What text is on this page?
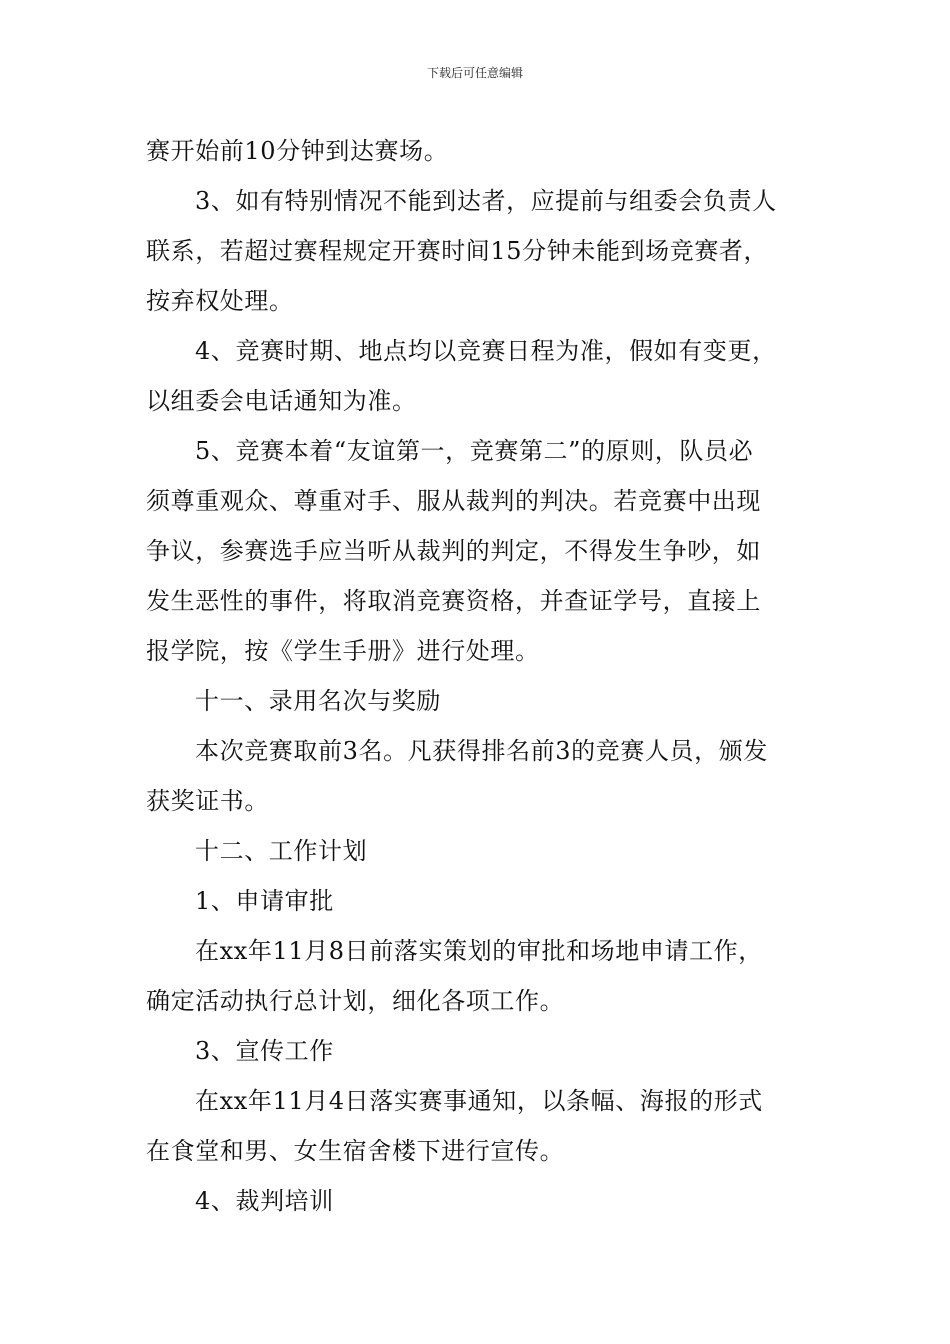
下载后可任意编辑
赛开始前10分钟到达赛场。
3、如有特别情况不能到达者，应提前与组委会负责人
联系，若超过赛程规定开赛时间15分钟未能到场竞赛者，
按弃权处理。
4、竞赛时期、地点均以竞赛日程为准，假如有变更，
以组委会电话通知为准。
5、竞赛本着“友谊第一，竞赛第二”的原则，队员必
须尊重观众、尊重对手、服从裁判的判决。若竞赛中出现
争议，参赛选手应当听从裁判的判定，不得发生争吵，如
发生恶性的事件，将取消竞赛资格，并查证学号，直接上
报学院，按《学生手册》进行处理。
十一、录用名次与奖励
本次竞赛取前3名。凡获得排名前3的竞赛人员，颁发
获奖证书。
十二、工作计划
1、申请审批
在xx年11月8日前落实策划的审批和场地申请工作，
确定活动执行总计划，细化各项工作。
3、宣传工作
在xx年11月4日落实赛事通知，以条幅、海报的形式
在食堂和男、女生宿舍楼下进行宣传。
4、裁判培训
